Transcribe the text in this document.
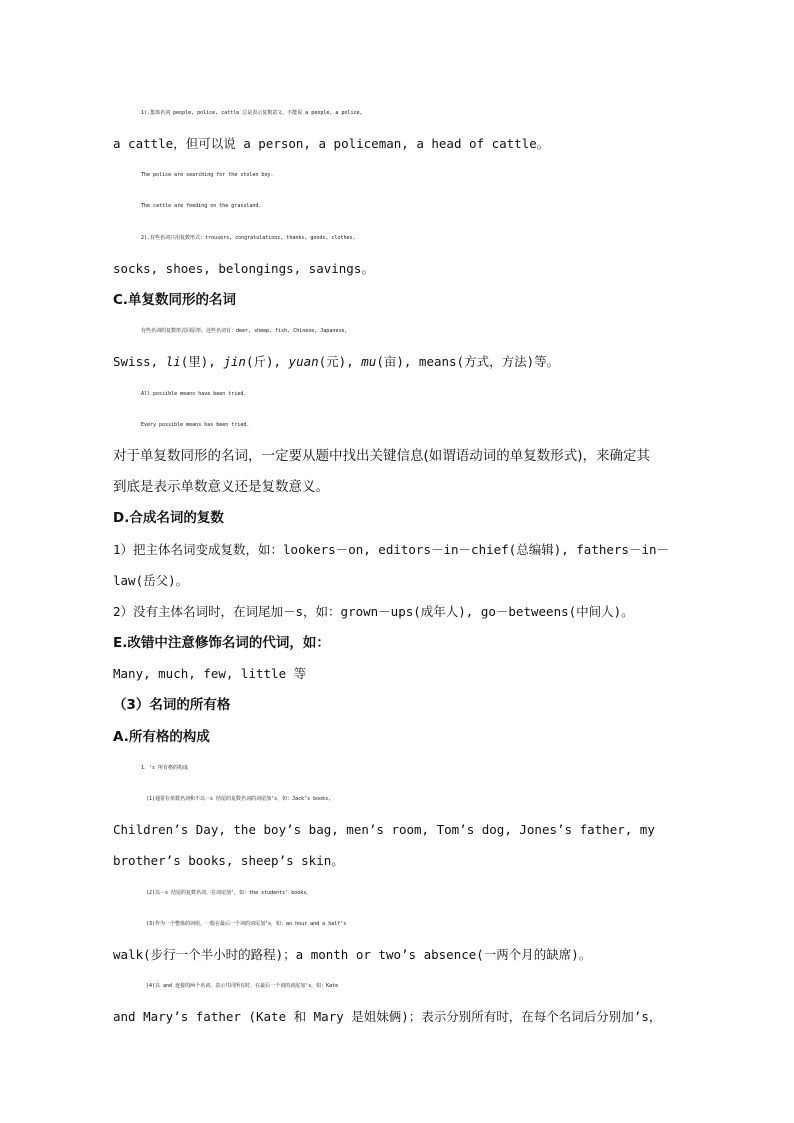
1).集体名词 people, police, cattle 总是表示复数意义，不能说 a people, a police,
a cattle，但可以说 a person, a policeman, a head of cattle。
The police are searching for the stolen boy.
The cattle are feeding on the grassland.
2).有些名词只用复数形式：trousers, congratulations, thanks, goods, clothes,
socks, shoes, belongings, savings。
C.单复数同形的名词
有些名词的复数形式同原形。这些名词有：deer, sheep, fish, Chinese, Japanese,
Swiss, li(里), jin(斤), yuan(元), mu(亩), means(方式，方法)等。
All possible means have been tried.
Every possible means has been tried.
对于单复数同形的名词，一定要从题中找出关键信息(如谓语动词的单复数形式)，来确定其
到底是表示单数意义还是复数意义。
D.合成名词的复数
1）把主体名词变成复数，如：lookers－on, editors－in－chief(总编辑), fathers－in－
law(岳父)。
2）没有主体名词时，在词尾加－s，如：grown－ups(成年人), go－betweens(中间人)。
E.改错中注意修饰名词的代词，如：
Many, much, few, little 等
（3）名词的所有格
A.所有格的构成
1．‘s 所有格的构成
(1)通常在单数名词和不以－s 结尾的复数名词的词尾加‘s，如：Jack’s books,
Children’s Day, the boy’s bag, men’s room, Tom’s dog, Jones’s father, my
brother’s books, sheep’s skin。
(2)以－s 结尾的复数名词，在词尾加‘，如：the students’ books。
(3)作为一个整体的词组，一般在最后一个词的词尾加‘s，如：an hour and a half’s
walk(步行一个半小时的路程)；a month or two’s absence(一两个月的缺席)。
(4)以 and 连接的两个名词，表示共同所有时，在最后一个词的词尾加‘s，如：Kate
and Mary’s father (Kate 和 Mary 是姐妹俩)；表示分别所有时，在每个名词后分别加’s，
